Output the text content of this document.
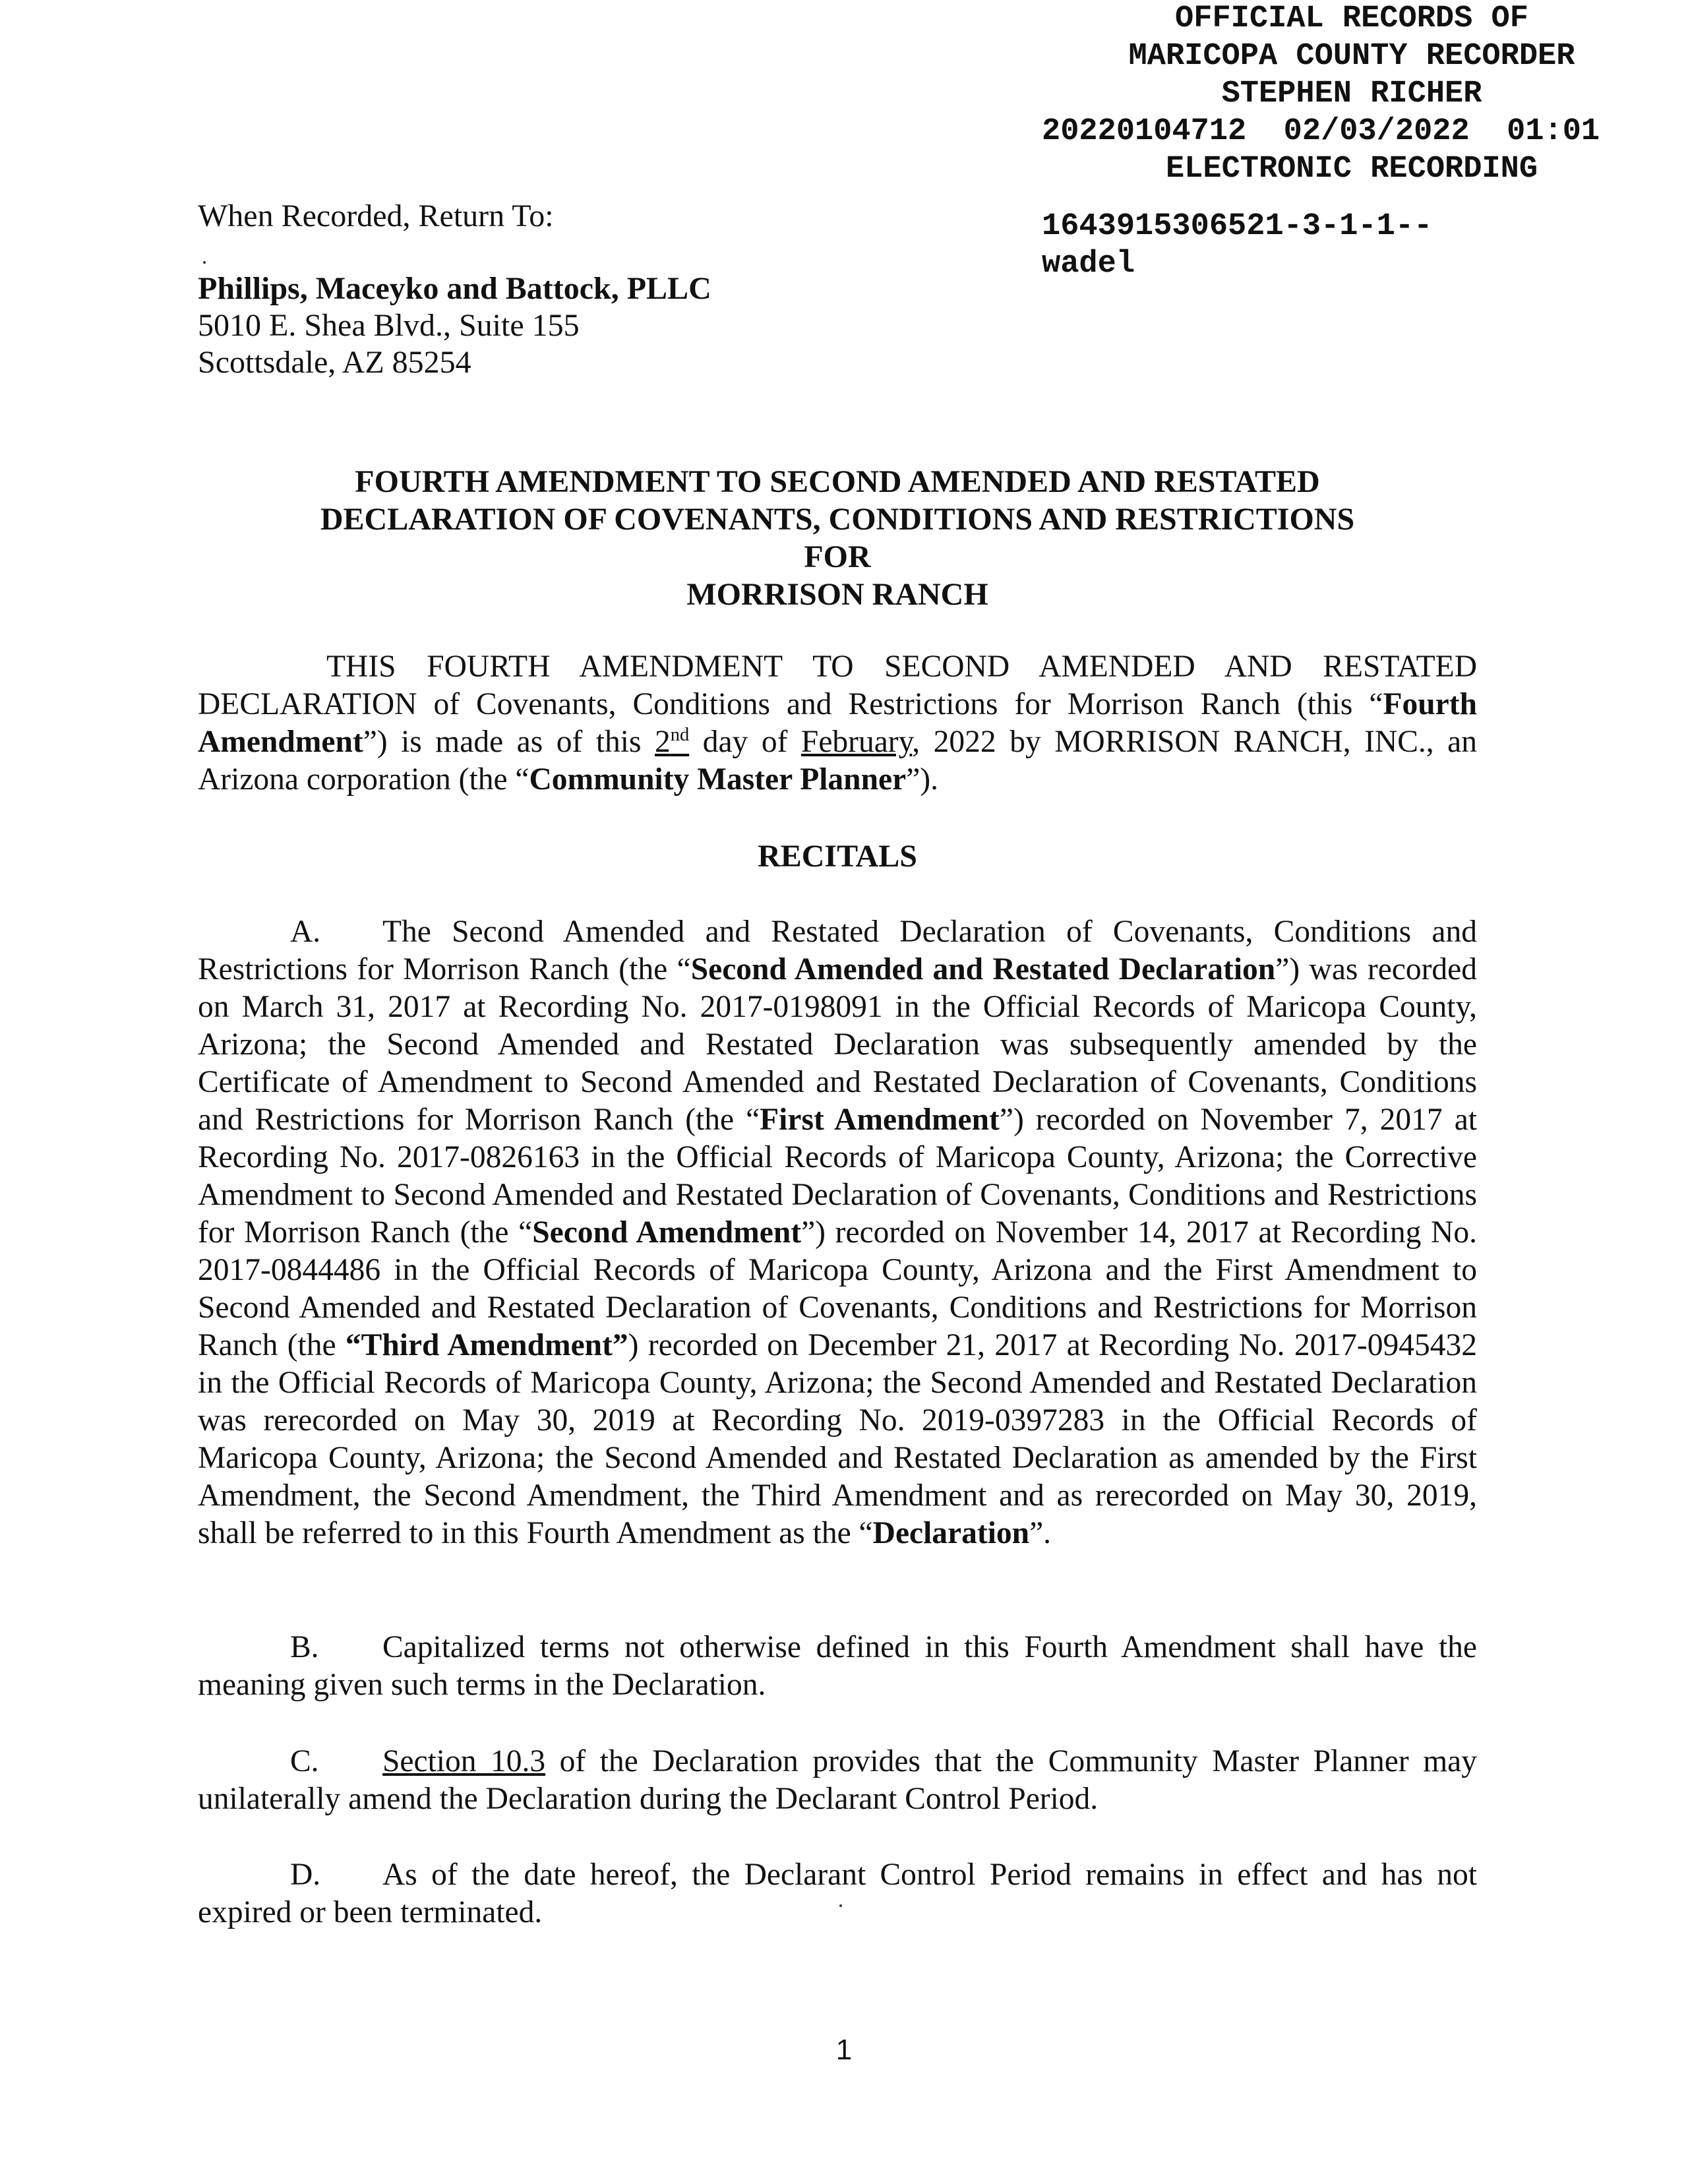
OFFICIAL RECORDS OF
MARICOPA COUNTY RECORDER
STEPHEN RICHER
20220104712  02/03/2022  01:01
ELECTRONIC RECORDING
1643915306521-3-1-1--
wadel
When Recorded, Return To:
Phillips, Maceyko and Battock, PLLC
5010 E. Shea Blvd., Suite 155
Scottsdale, AZ 85254
FOURTH AMENDMENT TO SECOND AMENDED AND RESTATED
DECLARATION OF COVENANTS, CONDITIONS AND RESTRICTIONS
FOR
MORRISON RANCH

THIS FOURTH AMENDMENT TO SECOND AMENDED AND RESTATED DECLARATION of Covenants, Conditions and Restrictions for Morrison Ranch (this “Fourth Amendment”) is made as of this 2nd day of February, 2022 by MORRISON RANCH, INC., an Arizona corporation (the “Community Master Planner”).

RECITALS

A. The Second Amended and Restated Declaration of Covenants, Conditions and Restrictions for Morrison Ranch (the “Second Amended and Restated Declaration”) was recorded on March 31, 2017 at Recording No. 2017-0198091 in the Official Records of Maricopa County, Arizona; the Second Amended and Restated Declaration was subsequently amended by the Certificate of Amendment to Second Amended and Restated Declaration of Covenants, Conditions and Restrictions for Morrison Ranch (the “First Amendment”) recorded on November 7, 2017 at Recording No. 2017-0826163 in the Official Records of Maricopa County, Arizona; the Corrective Amendment to Second Amended and Restated Declaration of Covenants, Conditions and Restrictions for Morrison Ranch (the “Second Amendment”) recorded on November 14, 2017 at Recording No. 2017-0844486 in the Official Records of Maricopa County, Arizona and the First Amendment to Second Amended and Restated Declaration of Covenants, Conditions and Restrictions for Morrison Ranch (the “Third Amendment”) recorded on December 21, 2017 at Recording No. 2017-0945432 in the Official Records of Maricopa County, Arizona; the Second Amended and Restated Declaration was rerecorded on May 30, 2019 at Recording No. 2019-0397283 in the Official Records of Maricopa County, Arizona; the Second Amended and Restated Declaration as amended by the First Amendment, the Second Amendment, the Third Amendment and as rerecorded on May 30, 2019, shall be referred to in this Fourth Amendment as the “Declaration”.

B. Capitalized terms not otherwise defined in this Fourth Amendment shall have the meaning given such terms in the Declaration.

C. Section 10.3 of the Declaration provides that the Community Master Planner may unilaterally amend the Declaration during the Declarant Control Period.

D. As of the date hereof, the Declarant Control Period remains in effect and has not expired or been terminated.

1
